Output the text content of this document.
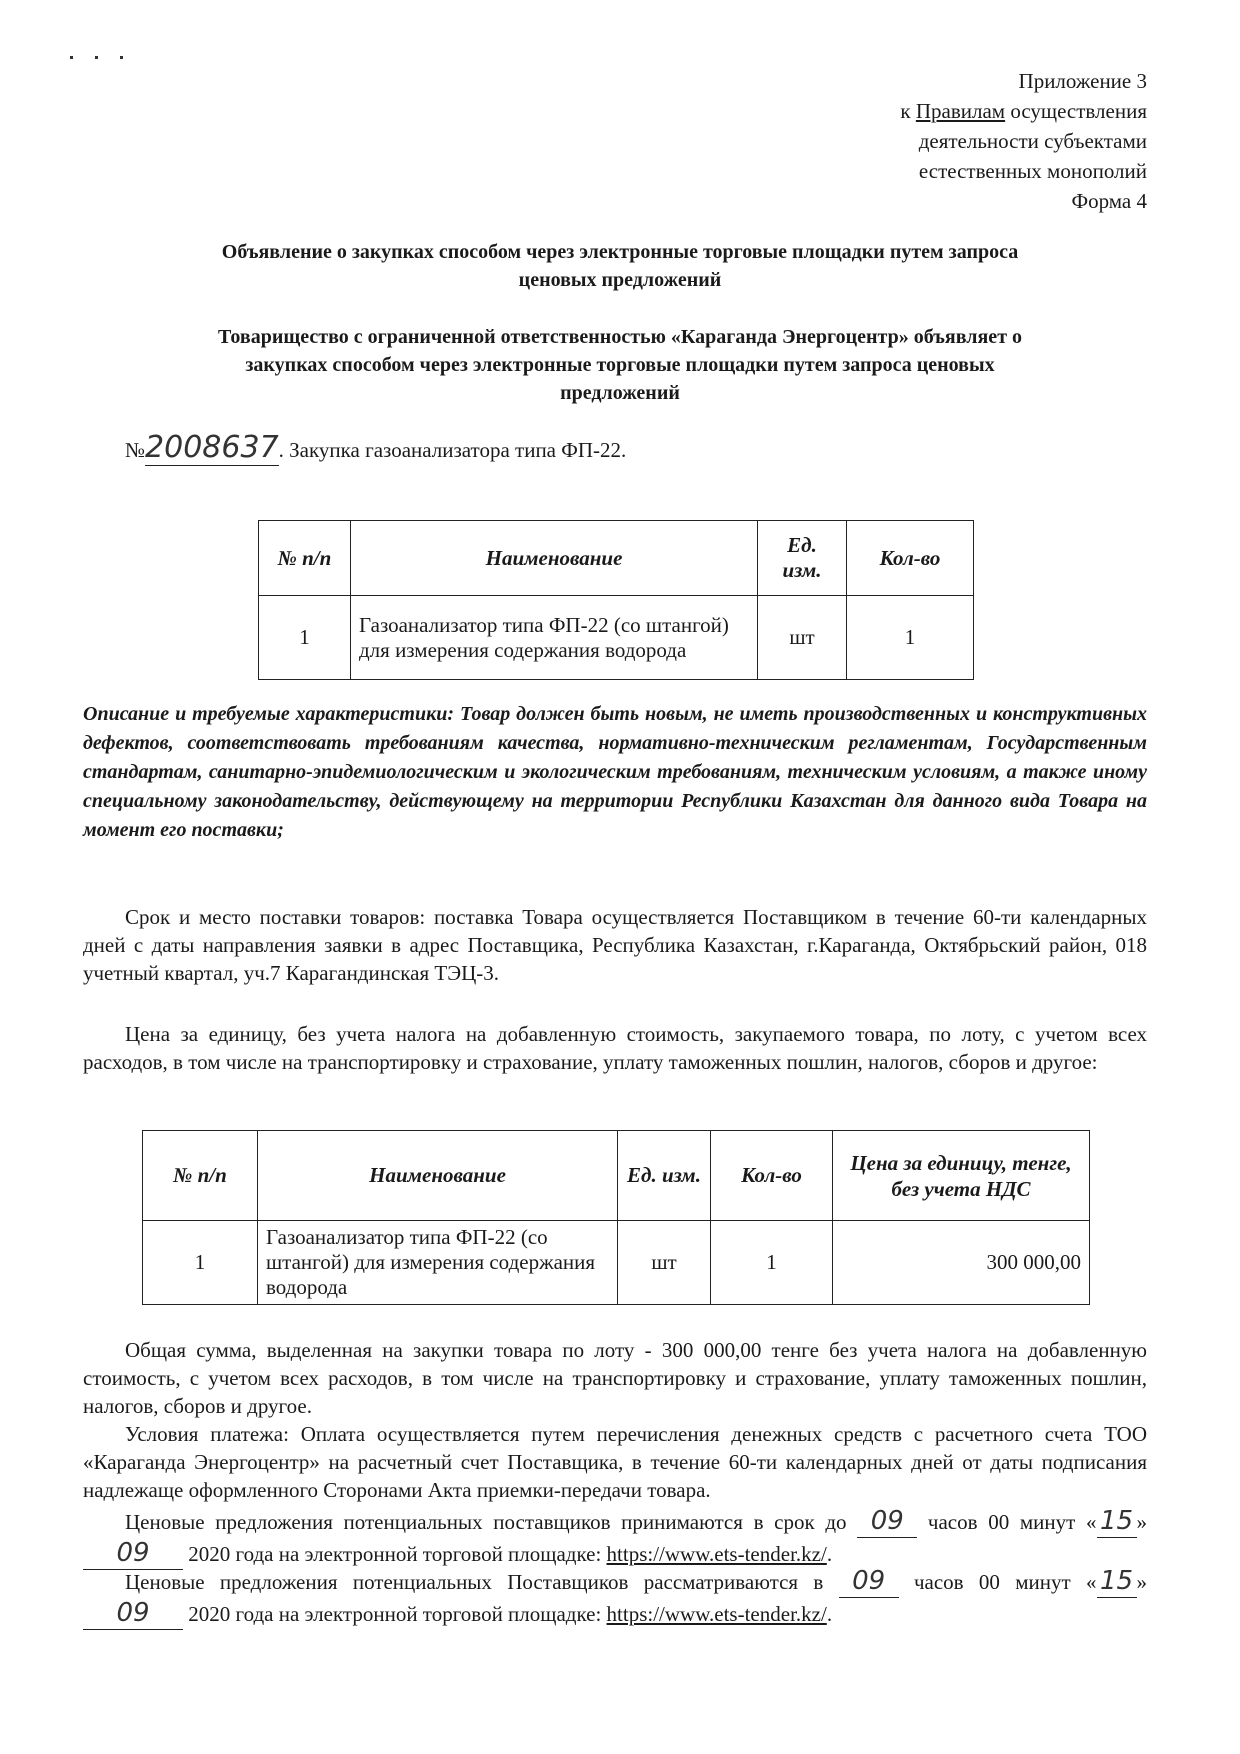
Приложение 3
к Правилам осуществления
деятельности субъектами
естественных монополий
Форма 4
Объявление о закупках способом через электронные торговые площадки путем запроса
ценовых предложений
Товарищество с ограниченной ответственностью «Караганда Энергоцентр» объявляет о
закупках способом через электронные торговые площадки путем запроса ценовых
предложений
№2008637. Закупка газоанализатора типа ФП-22.
№ п/п	Наименование	Ед. изм.	Кол-во
1	Газоанализатор типа ФП-22 (со штангой) для измерения содержания водорода	шт	1
Описание и требуемые характеристики: Товар должен быть новым, не иметь производственных и конструктивных дефектов, соответствовать требованиям качества, нормативно-техническим регламентам, Государственным стандартам, санитарно-эпидемиологическим и экологическим требованиям, техническим условиям, а также иному специальному законодательству, действующему на территории Республики Казахстан для данного вида Товара на момент его поставки;
Срок и место поставки товаров: поставка Товара осуществляется Поставщиком в течение 60-ти календарных дней с даты направления заявки в адрес Поставщика, Республика Казахстан, г.Караганда, Октябрьский район, 018 учетный квартал, уч.7 Карагандинская ТЭЦ-3.
Цена за единицу, без учета налога на добавленную стоимость, закупаемого товара, по лоту, с учетом всех расходов, в том числе на транспортировку и страхование, уплату таможенных пошлин, налогов, сборов и другое:
№ п/п	Наименование	Ед. изм.	Кол-во	Цена за единицу, тенге, без учета НДС
1	Газоанализатор типа ФП-22 (со штангой) для измерения содержания водорода	шт	1	300 000,00
Общая сумма, выделенная на закупки товара по лоту - 300 000,00 тенге без учета налога на добавленную стоимость, с учетом всех расходов, в том числе на транспортировку и страхование, уплату таможенных пошлин, налогов, сборов и другое.
Условия платежа: Оплата осуществляется путем перечисления денежных средств с расчетного счета ТОО «Караганда Энергоцентр» на расчетный счет Поставщика, в течение 60-ти календарных дней от даты подписания надлежаще оформленного Сторонами Акта приемки-передачи товара.
Ценовые предложения потенциальных поставщиков принимаются в срок до 09 часов 00 минут « 15 » 09 2020 года на электронной торговой площадке: https://www.ets-tender.kz/.
Ценовые предложения потенциальных Поставщиков рассматриваются в 09 часов 00 минут « 15 » 09 2020 года на электронной торговой площадке: https://www.ets-tender.kz/.
